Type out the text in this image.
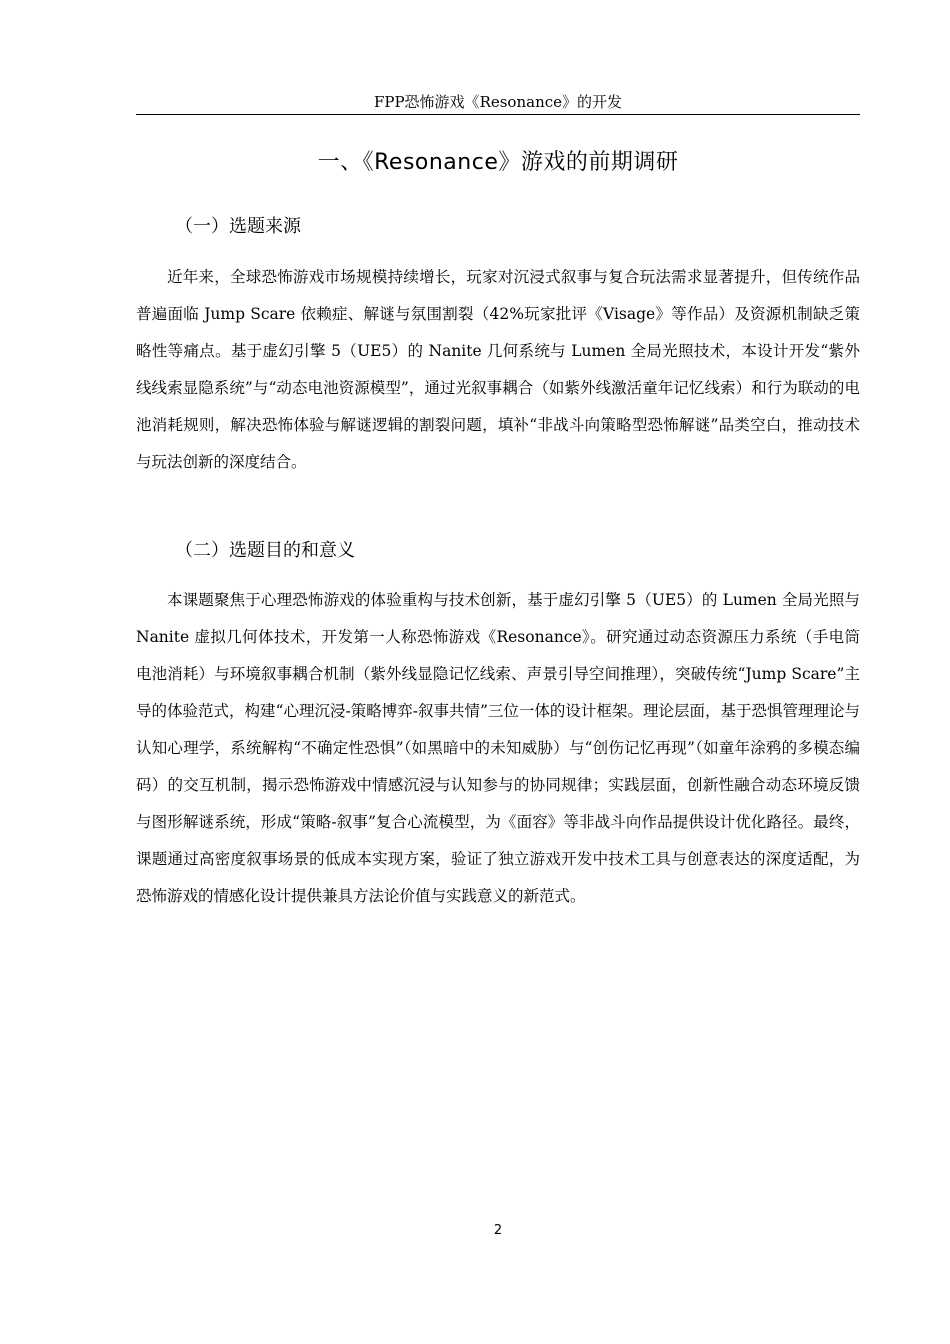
FPP恐怖游戏《Resonance》的开发
一、《Resonance》游戏的前期调研
（一）选题来源

近年来，全球恐怖游戏市场规模持续增长，玩家对沉浸式叙事与复合玩法需求显著提升，但传统作品普遍面临 Jump Scare 依赖症、解谜与氛围割裂（42%玩家批评《Visage》等作品）及资源机制缺乏策略性等痛点。基于虚幻引擎 5（UE5）的 Nanite 几何系统与 Lumen 全局光照技术，本设计开发“紫外线线索显隐系统”与“动态电池资源模型”，通过光叙事耦合（如紫外线激活童年记忆线索）和行为联动的电池消耗规则，解决恐怖体验与解谜逻辑的割裂问题，填补“非战斗向策略型恐怖解谜”品类空白，推动技术与玩法创新的深度结合。

（二）选题目的和意义

本课题聚焦于心理恐怖游戏的体验重构与技术创新，基于虚幻引擎 5（UE5）的 Lumen 全局光照与 Nanite 虚拟几何体技术，开发第一人称恐怖游戏《Resonance》。研究通过动态资源压力系统（手电筒电池消耗）与环境叙事耦合机制（紫外线显隐记忆线索、声景引导空间推理），突破传统“Jump Scare”主导的体验范式，构建“心理沉浸-策略博弈-叙事共情”三位一体的设计框架。理论层面，基于恐惧管理理论与认知心理学，系统解构“不确定性恐惧”（如黑暗中的未知威胁）与“创伤记忆再现”（如童年涂鸦的多模态编码）的交互机制，揭示恐怖游戏中情感沉浸与认知参与的协同规律；实践层面，创新性融合动态环境反馈与图形解谜系统，形成“策略-叙事”复合心流模型，为《面容》等非战斗向作品提供设计优化路径。最终，课题通过高密度叙事场景的低成本实现方案，验证了独立游戏开发中技术工具与创意表达的深度适配，为恐怖游戏的情感化设计提供兼具方法论价值与实践意义的新范式。

2
